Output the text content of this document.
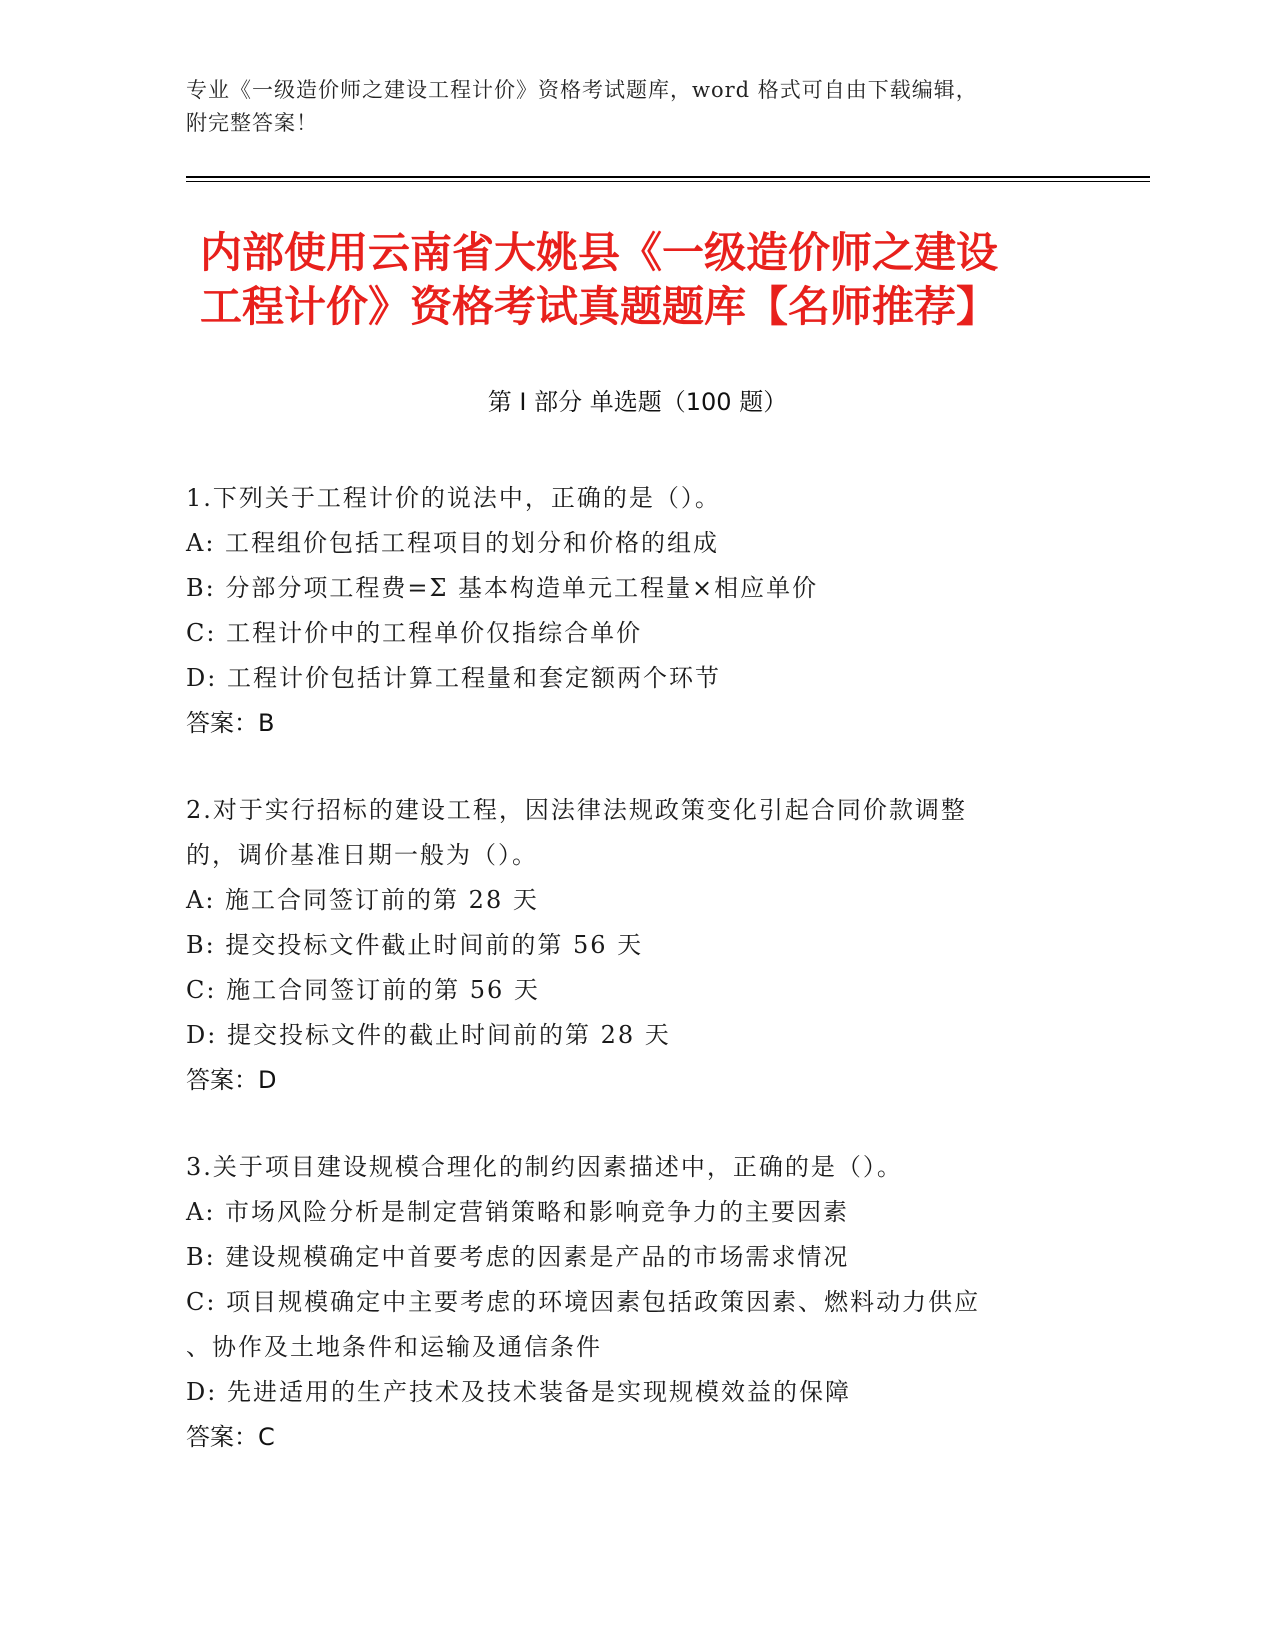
专业《一级造价师之建设工程计价》资格考试题库，word 格式可自由下载编辑，
附完整答案！
内部使用云南省大姚县《一级造价师之建设
工程计价》资格考试真题题库【名师推荐】
第 I 部分 单选题（100 题）
1.下列关于工程计价的说法中，正确的是（）。
A: 工程组价包括工程项目的划分和价格的组成
B: 分部分项工程费=Σ 基本构造单元工程量×相应单价
C: 工程计价中的工程单价仅指综合单价
D: 工程计价包括计算工程量和套定额两个环节
答案：B
2.对于实行招标的建设工程，因法律法规政策变化引起合同价款调整
的，调价基准日期一般为（）。
A: 施工合同签订前的第 28 天
B: 提交投标文件截止时间前的第 56 天
C: 施工合同签订前的第 56 天
D: 提交投标文件的截止时间前的第 28 天
答案：D
3.关于项目建设规模合理化的制约因素描述中，正确的是（）。
A: 市场风险分析是制定营销策略和影响竞争力的主要因素
B: 建设规模确定中首要考虑的因素是产品的市场需求情况
C: 项目规模确定中主要考虑的环境因素包括政策因素、燃料动力供应
、协作及土地条件和运输及通信条件
D: 先进适用的生产技术及技术装备是实现规模效益的保障
答案：C
